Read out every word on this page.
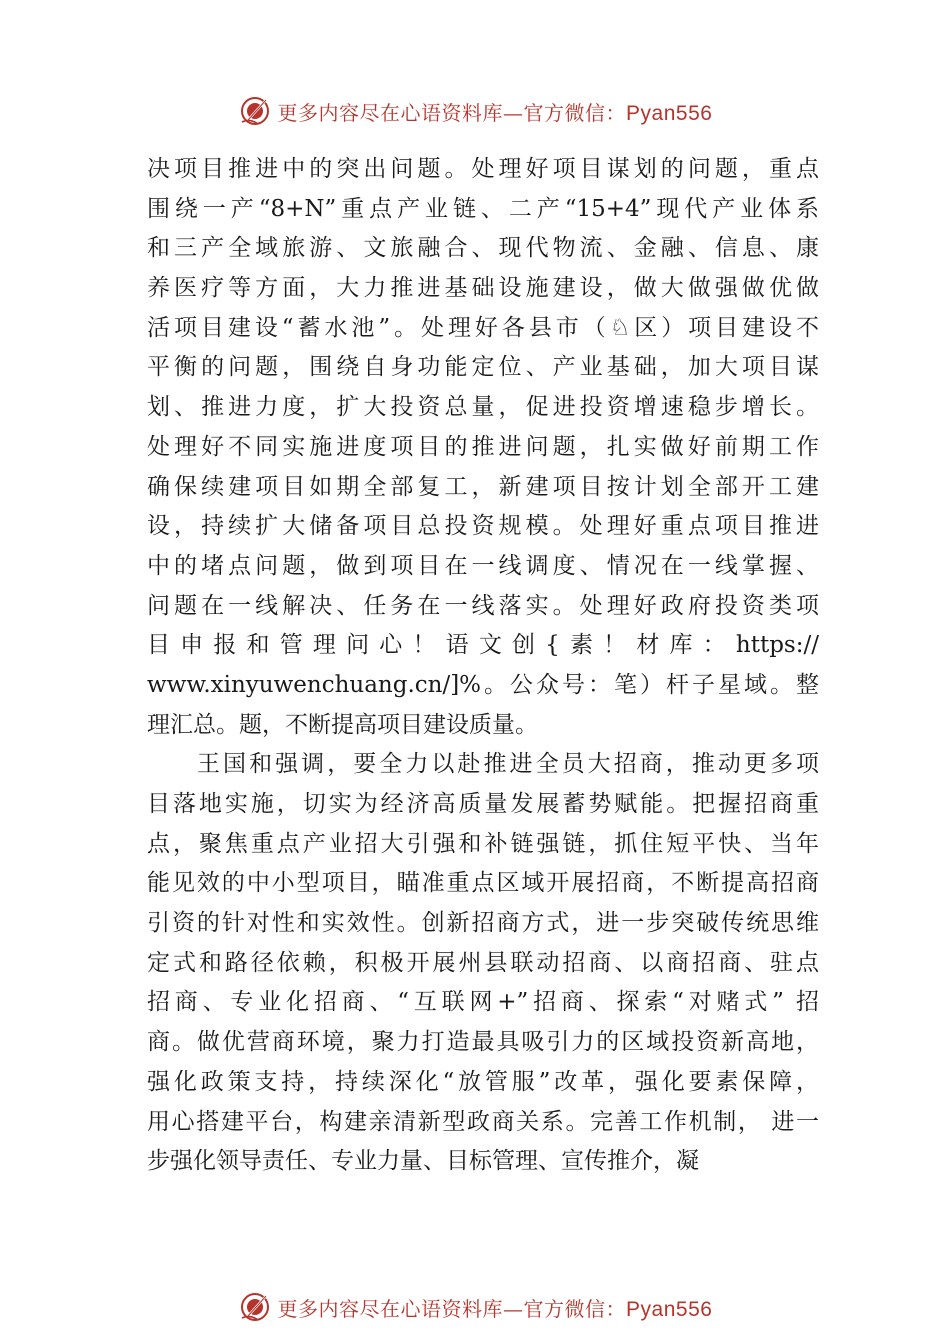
更多内容尽在心语资料库—官方微信：Pyan556
决项目推进中的突出问题。处理好项目谋划的问题，重点
围绕一产“8+N”重点产业链、二产“15+4”现代产业体系
和三产全域旅游、文旅融合、现代物流、金融、信息、康
养医疗等方面，大力推进基础设施建设，做大做强做优做
活项目建设“蓄水池”。处理好各县市（♘区）项目建设不
平衡的问题，围绕自身功能定位、产业基础，加大项目谋
划、推进力度，扩大投资总量，促进投资增速稳步增长。
处理好不同实施进度项目的推进问题，扎实做好前期工作
确保续建项目如期全部复工，新建项目按计划全部开工建
设，持续扩大储备项目总投资规模。处理好重点项目推进
中的堵点问题，做到项目在一线调度、情况在一线掌握、
问题在一线解决、任务在一线落实。处理好政府投资类项
目申报和管理问心！语文创{素！材库：https://
www.xinyuwenchuang.cn/]%。公众号：笔）杆子星域。整
理汇总。题，不断提高项目建设质量。
王国和强调，要全力以赴推进全员大招商，推动更多项
目落地实施，切实为经济高质量发展蓄势赋能。把握招商重
点，聚焦重点产业招大引强和补链强链，抓住短平快、当年
能见效的中小型项目，瞄准重点区域开展招商，不断提高招商
引资的针对性和实效性。创新招商方式，进一步突破传统思维
定式和路径依赖，积极开展州县联动招商、以商招商、驻点
招商、专业化招商、“互联网+”招商、探索“对赌式” 招
商。做优营商环境，聚力打造最具吸引力的区域投资新高地，
强化政策支持，持续深化“放管服”改革，强化要素保障，
用心搭建平台，构建亲清新型政商关系。完善工作机制， 进一
步强化领导责任、专业力量、目标管理、宣传推介，凝
更多内容尽在心语资料库—官方微信：Pyan556
